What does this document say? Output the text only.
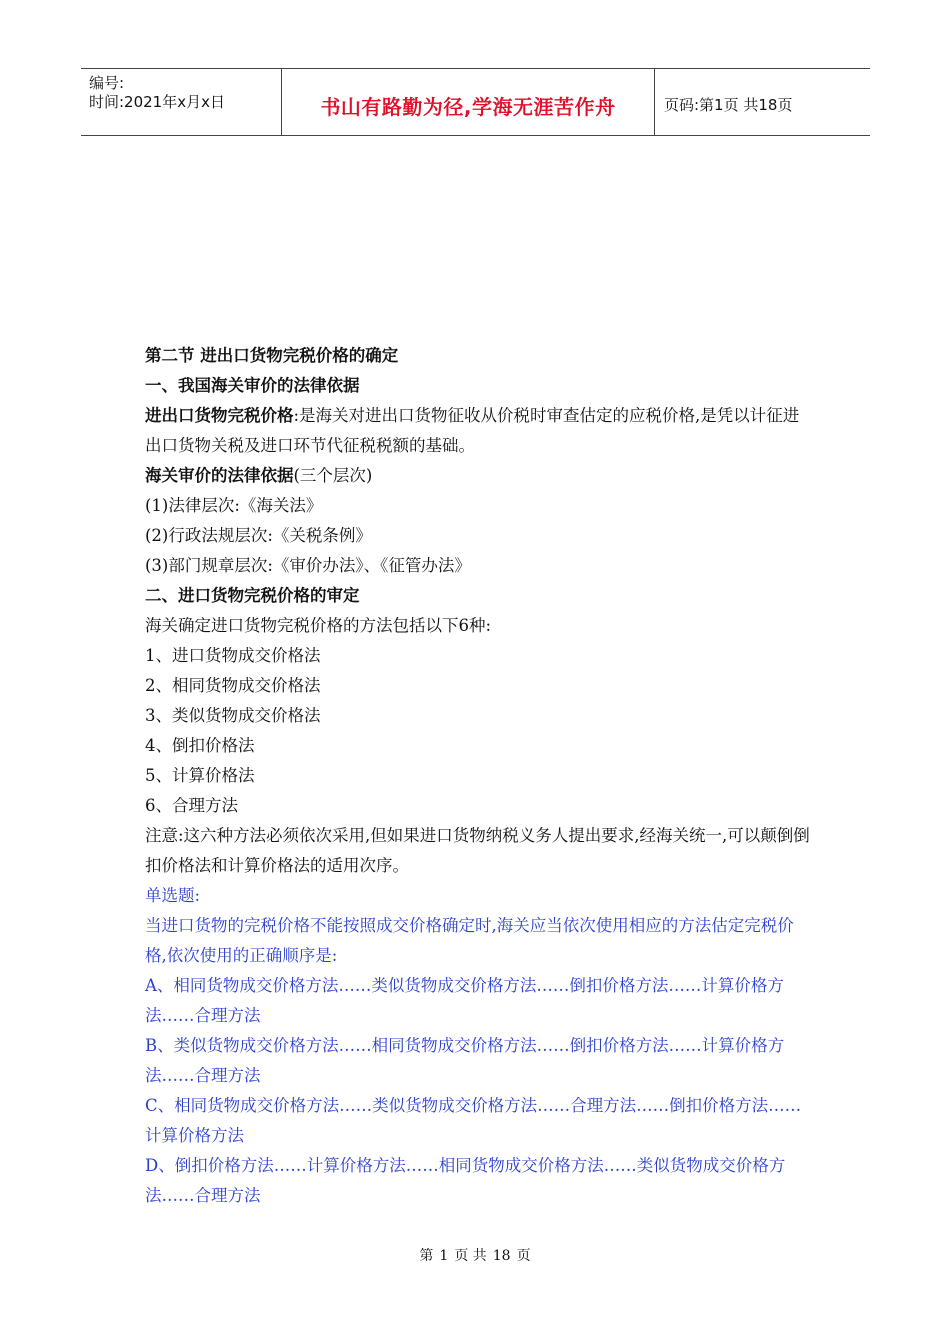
编号:
时间:2021年x月x日	书山有路勤为径,学海无涯苦作舟	页码:第1页 共18页

第二节 进出口货物完税价格的确定

一、我国海关审价的法律依据

进出口货物完税价格:是海关对进出口货物征收从价税时审查估定的应税价格,是凭以计征进出口货物关税及进口环节代征税税额的基础。

海关审价的法律依据(三个层次)

(1)法律层次:《海关法》

(2)行政法规层次:《关税条例》

(3)部门规章层次:《审价办法》、《征管办法》

二、进口货物完税价格的审定

海关确定进口货物完税价格的方法包括以下6种:

1、进口货物成交价格法

2、相同货物成交价格法

3、类似货物成交价格法

4、倒扣价格法

5、计算价格法

6、合理方法

注意:这六种方法必须依次采用,但如果进口货物纳税义务人提出要求,经海关统一,可以颠倒倒扣价格法和计算价格法的适用次序。

单选题:

当进口货物的完税价格不能按照成交价格确定时,海关应当依次使用相应的方法估定完税价格,依次使用的正确顺序是:

A、相同货物成交价格方法……类似货物成交价格方法……倒扣价格方法……计算价格方法……合理方法

B、类似货物成交价格方法……相同货物成交价格方法……倒扣价格方法……计算价格方法……合理方法

C、相同货物成交价格方法……类似货物成交价格方法……合理方法……倒扣价格方法……计算价格方法

D、倒扣价格方法……计算价格方法……相同货物成交价格方法……类似货物成交价格方法……合理方法

第 1 页 共 18 页
